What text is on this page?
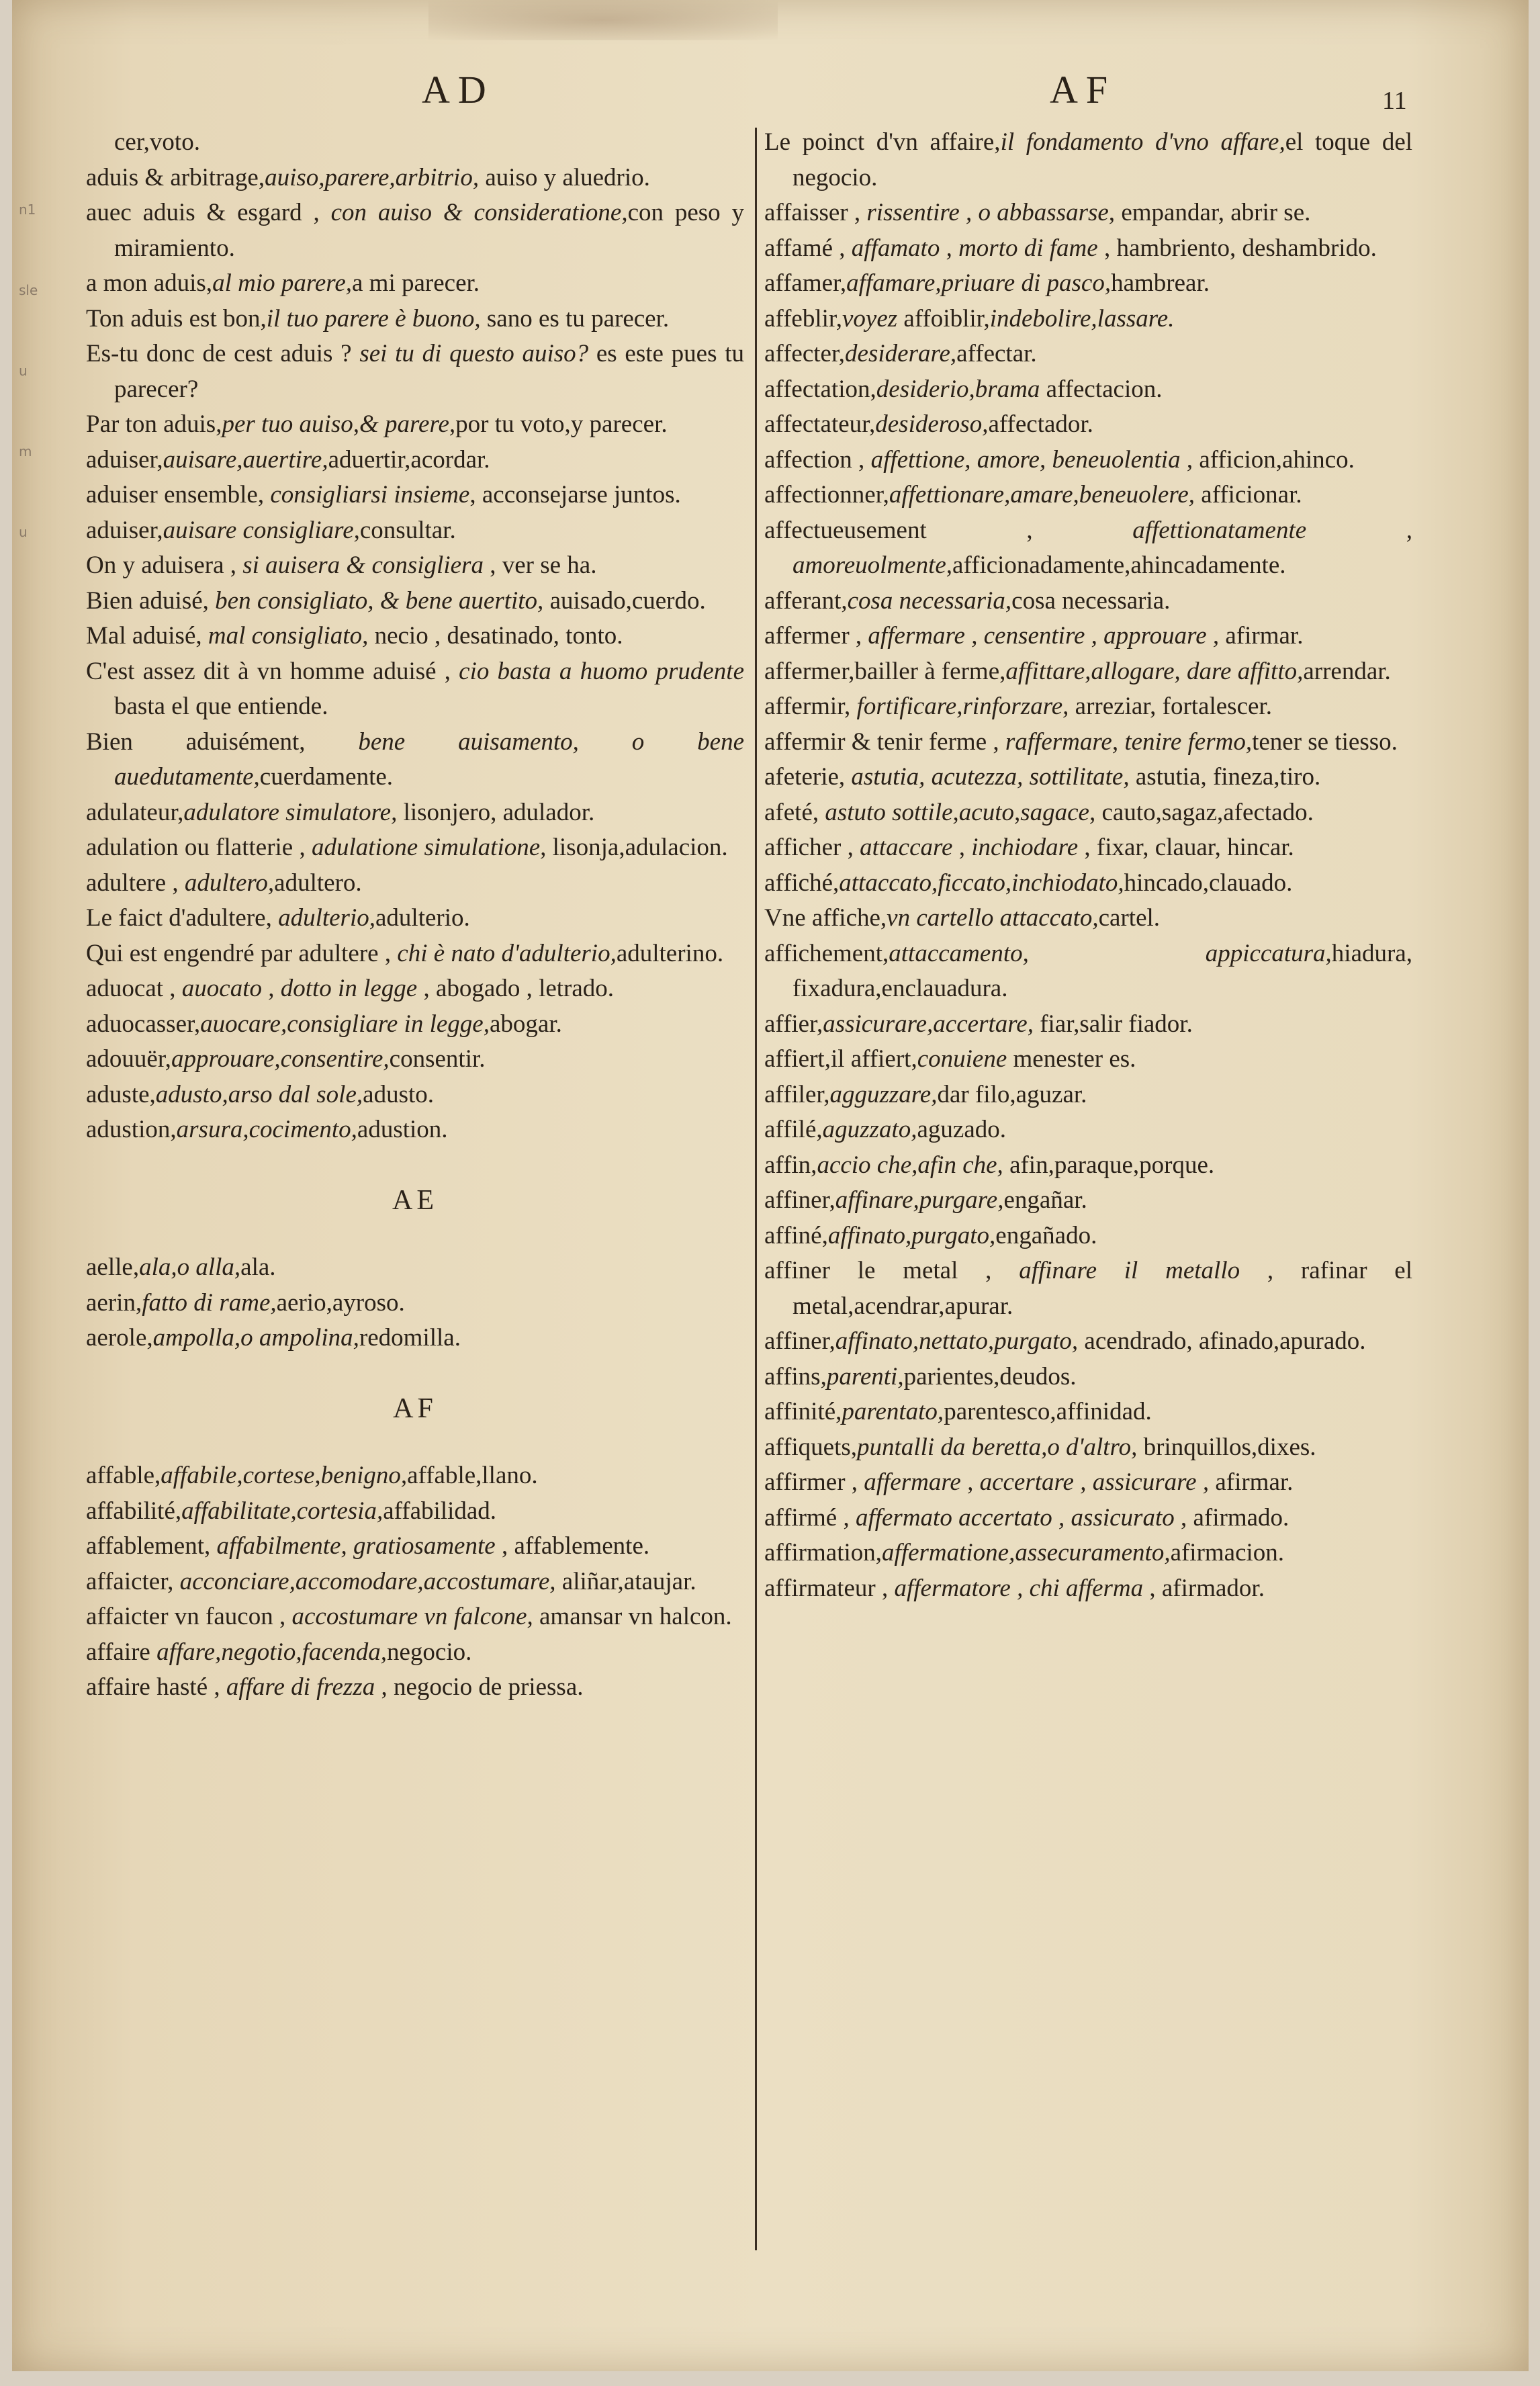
n1
sle
u
m
u
AD	AF	11

cer,voto.

aduis & arbitrage,auiso,parere,arbitrio, auiso y aluedrio.

auec aduis & esgard , con auiso & consideratione,con peso y miramiento.

a mon aduis,al mio parere,a mi parecer.

Ton aduis est bon,il tuo parere è buono, sano es tu parecer.

Es-tu donc de cest aduis ? sei tu di questo auiso? es este pues tu parecer?

Par ton aduis,per tuo auiso,& parere,por tu voto,y parecer.

aduiser,auisare,auertire,aduertir,acordar.

aduiser ensemble, consigliarsi insieme, acconsejarse juntos.

aduiser,auisare consigliare,consultar.

On y aduisera , si auisera & consigliera , ver se ha.

Bien aduisé, ben consigliato, & bene auertito, auisado,cuerdo.

Mal aduisé, mal consigliato, necio , desatinado, tonto.

C'est assez dit à vn homme aduisé , cio basta a huomo prudente basta el que entiende.

Bien aduisément, bene auisamento, o bene auedutamente,cuerdamente.

adulateur,adulatore simulatore, lisonjero, adulador.

adulation ou flatterie , adulatione simulatione, lisonja,adulacion.

adultere , adultero,adultero.

Le faict d'adultere, adulterio,adulterio.

Qui est engendré par adultere , chi è nato d'adulterio,adulterino.

aduocat , auocato , dotto in legge , abogado , letrado.

aduocasser,auocare,consigliare in legge,abogar.

adouuër,approuare,consentire,consentir.

aduste,adusto,arso dal sole,adusto.

adustion,arsura,cocimento,adustion.

AE

aelle,ala,o alla,ala.

aerin,fatto di rame,aerio,ayroso.

aerole,ampolla,o ampolina,redomilla.

AF

affable,affabile,cortese,benigno,affable,llano.

affabilité,affabilitate,cortesia,affabilidad.

affablement, affabilmente, gratiosamente , affablemente.

affaicter, acconciare,accomodare,accostumare, aliñar,ataujar.

affaicter vn faucon , accostumare vn falcone, amansar vn halcon.

affaire affare,negotio,facenda,negocio.

affaire hasté , affare di frezza , negocio de priessa.

Le poinct d'vn affaire,il fondamento d'vno affare,el toque del negocio.

affaisser , rissentire , o abbassarse, empandar, abrir se.

affamé , affamato , morto di fame , hambriento, deshambrido.

affamer,affamare,priuare di pasco,hambrear.

affeblir,voyez affoiblir,indebolire,lassare.

affecter,desiderare,affectar.

affectation,desiderio,brama affectacion.

affectateur,desideroso,affectador.

affection , affettione, amore, beneuolentia , afficion,ahinco.

affectionner,affettionare,amare,beneuolere, afficionar.

affectueusement , affettionatamente , amoreuolmente,afficionadamente,ahincadamente.

afferant,cosa necessaria,cosa necessaria.

affermer , affermare , censentire , approuare , afirmar.

affermer,bailler à ferme,affittare,allogare, dare affitto,arrendar.

affermir, fortificare,rinforzare, arreziar, fortalescer.

affermir & tenir ferme , raffermare, tenire fermo,tener se tiesso.

afeterie, astutia, acutezza, sottilitate, astutia, fineza,tiro.

afeté, astuto sottile,acuto,sagace, cauto,sagaz,afectado.

afficher , attaccare , inchiodare , fixar, clauar, hincar.

affiché,attaccato,ficcato,inchiodato,hincado,clauado.

Vne affiche,vn cartello attaccato,cartel.

affichement,attaccamento, appiccatura,hiadura, fixadura,enclauadura.

affier,assicurare,accertare, fiar,salir fiador.

affiert,il affiert,conuiene menester es.

affiler,agguzzare,dar filo,aguzar.

affilé,aguzzato,aguzado.

affin,accio che,afin che, afin,paraque,porque.

affiner,affinare,purgare,engañar.

affiné,affinato,purgato,engañado.

affiner le metal , affinare il metallo , rafinar el metal,acendrar,apurar.

affiner,affinato,nettato,purgato, acendrado, afinado,apurado.

affins,parenti,parientes,deudos.

affinité,parentato,parentesco,affinidad.

affiquets,puntalli da beretta,o d'altro, brinquillos,dixes.

affirmer , affermare , accertare , assicurare , afirmar.

affirmé , affermato accertato , assicurato , afirmado.

affirmation,affermatione,assecuramento,afirmacion.

affirmateur , affermatore , chi afferma , afirmador.
